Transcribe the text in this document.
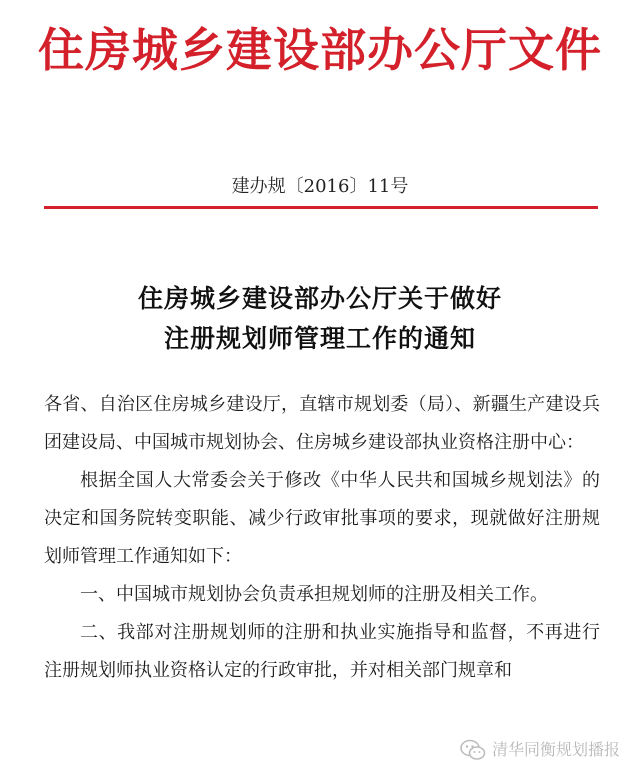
住房城乡建设部办公厅文件
建办规〔2016〕11号
住房城乡建设部办公厅关于做好
注册规划师管理工作的通知

各省、自治区住房城乡建设厅，直辖市规划委（局）、新疆生产建设兵团建设局、中国城市规划协会、住房城乡建设部执业资格注册中心：

根据全国人大常委会关于修改《中华人民共和国城乡规划法》的决定和国务院转变职能、减少行政审批事项的要求，现就做好注册规划师管理工作通知如下：

一、中国城市规划协会负责承担规划师的注册及相关工作。

二、我部对注册规划师的注册和执业实施指导和监督，不再进行注册规划师执业资格认定的行政审批，并对相关部门规章和

清华同衡规划播报
